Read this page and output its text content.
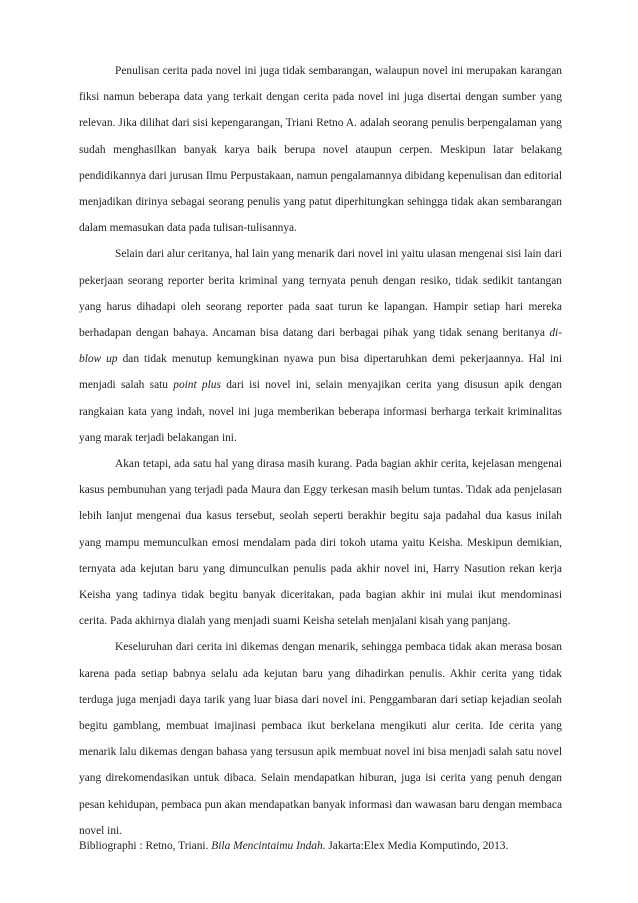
Penulisan cerita pada novel ini juga tidak sembarangan, walaupun novel ini merupakan karangan fiksi namun beberapa data yang terkait dengan cerita pada novel ini juga disertai dengan sumber yang relevan. Jika dilihat dari sisi kepengarangan, Triani Retno A. adalah seorang penulis berpengalaman yang sudah menghasilkan banyak karya baik berupa novel ataupun cerpen. Meskipun latar belakang pendidikannya dari jurusan Ilmu Perpustakaan, namun pengalamannya dibidang kepenulisan dan editorial menjadikan dirinya sebagai seorang penulis yang patut diperhitungkan sehingga tidak akan sembarangan dalam memasukan data pada tulisan-tulisannya.

Selain dari alur ceritanya, hal lain yang menarik dari novel ini yaitu ulasan mengenai sisi lain dari pekerjaan seorang reporter berita kriminal yang ternyata penuh dengan resiko, tidak sedikit tantangan yang harus dihadapi oleh seorang reporter pada saat turun ke lapangan. Hampir setiap hari mereka berhadapan dengan bahaya. Ancaman bisa datang dari berbagai pihak yang tidak senang beritanya di-blow up dan tidak menutup kemungkinan nyawa pun bisa dipertaruhkan demi pekerjaannya. Hal ini menjadi salah satu point plus dari isi novel ini, selain menyajikan cerita yang disusun apik dengan rangkaian kata yang indah, novel ini juga memberikan beberapa informasi berharga terkait kriminalitas yang marak terjadi belakangan ini.

Akan tetapi, ada satu hal yang dirasa masih kurang. Pada bagian akhir cerita, kejelasan mengenai kasus pembunuhan yang terjadi pada Maura dan Eggy terkesan masih belum tuntas. Tidak ada penjelasan lebih lanjut mengenai dua kasus tersebut, seolah seperti berakhir begitu saja padahal dua kasus inilah yang mampu memunculkan emosi mendalam pada diri tokoh utama yaitu Keisha. Meskipun demikian, ternyata ada kejutan baru yang dimunculkan penulis pada akhir novel ini, Harry Nasution rekan kerja Keisha yang tadinya tidak begitu banyak diceritakan, pada bagian akhir ini mulai ikut mendominasi cerita. Pada akhirnya dialah yang menjadi suami Keisha setelah menjalani kisah yang panjang.

Keseluruhan dari cerita ini dikemas dengan menarik, sehingga pembaca tidak akan merasa bosan karena pada setiap babnya selalu ada kejutan baru yang dihadirkan penulis. Akhir cerita yang tidak terduga juga menjadi daya tarik yang luar biasa dari novel ini. Penggambaran dari setiap kejadian seolah begitu gamblang, membuat imajinasi pembaca ikut berkelana mengikuti alur cerita. Ide cerita yang menarik lalu dikemas dengan bahasa yang tersusun apik membuat novel ini bisa menjadi salah satu novel yang direkomendasikan untuk dibaca. Selain mendapatkan hiburan, juga isi cerita yang penuh dengan pesan kehidupan, pembaca pun akan mendapatkan banyak informasi dan wawasan baru dengan membaca novel ini.

Bibliographi : Retno, Triani. Bila Mencintaimu Indah. Jakarta:Elex Media Komputindo, 2013.
